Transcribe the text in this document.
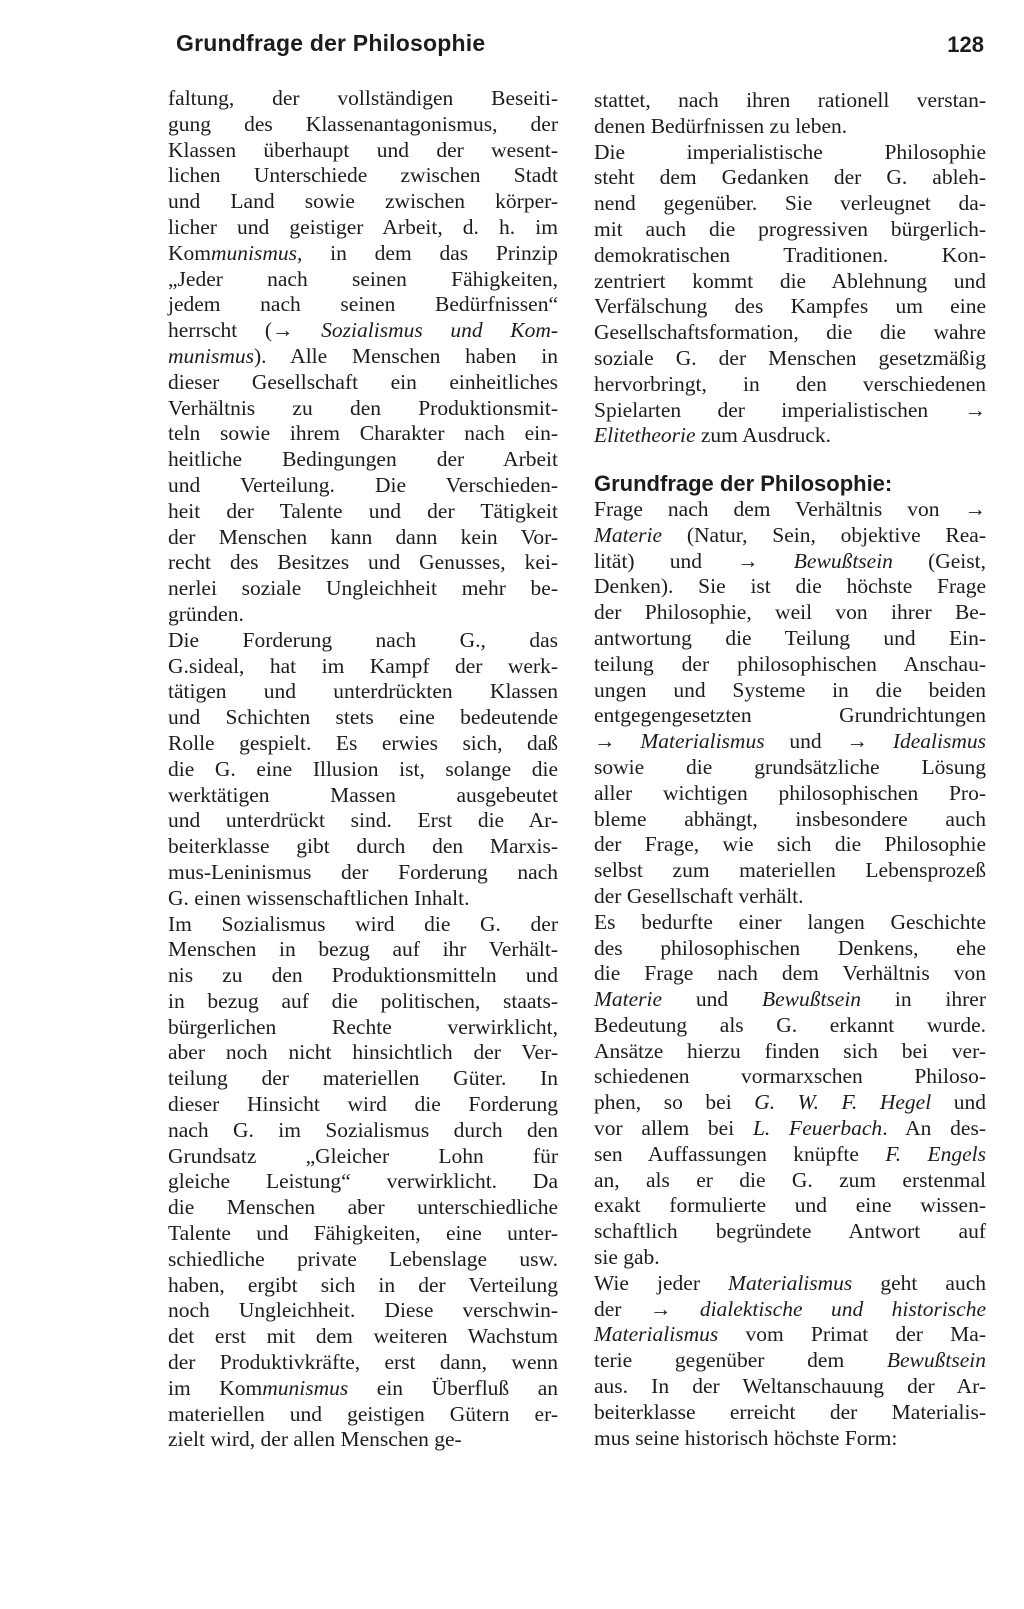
Grundfrage der Philosophie	128
faltung, der vollständigen Beseiti-
gung des Klassenantagonismus, der
Klassen überhaupt und der wesent-
lichen Unterschiede zwischen Stadt
und Land sowie zwischen körper-
licher und geistiger Arbeit, d. h. im
Kommunismus, in dem das Prinzip
„Jeder nach seinen Fähigkeiten,
jedem nach seinen Bedürfnissen“
herrscht (→ Sozialismus und Kom-
munismus). Alle Menschen haben in
dieser Gesellschaft ein einheitliches
Verhältnis zu den Produktionsmit-
teln sowie ihrem Charakter nach ein-
heitliche Bedingungen der Arbeit
und Verteilung. Die Verschieden-
heit der Talente und der Tätigkeit
der Menschen kann dann kein Vor-
recht des Besitzes und Genusses, kei-
nerlei soziale Ungleichheit mehr be-
gründen.
Die Forderung nach G., das
G.sideal, hat im Kampf der werk-
tätigen und unterdrückten Klassen
und Schichten stets eine bedeutende
Rolle gespielt. Es erwies sich, daß
die G. eine Illusion ist, solange die
werktätigen Massen ausgebeutet
und unterdrückt sind. Erst die Ar-
beiterklasse gibt durch den Marxis-
mus-Leninismus der Forderung nach
G. einen wissenschaftlichen Inhalt.
Im Sozialismus wird die G. der
Menschen in bezug auf ihr Verhält-
nis zu den Produktionsmitteln und
in bezug auf die politischen, staats-
bürgerlichen Rechte verwirklicht,
aber noch nicht hinsichtlich der Ver-
teilung der materiellen Güter. In
dieser Hinsicht wird die Forderung
nach G. im Sozialismus durch den
Grundsatz „Gleicher Lohn für
gleiche Leistung“ verwirklicht. Da
die Menschen aber unterschiedliche
Talente und Fähigkeiten, eine unter-
schiedliche private Lebenslage usw.
haben, ergibt sich in der Verteilung
noch Ungleichheit. Diese verschwin-
det erst mit dem weiteren Wachstum
der Produktivkräfte, erst dann, wenn
im Kommunismus ein Überfluß an
materiellen und geistigen Gütern er-
zielt wird, der allen Menschen ge-
stattet, nach ihren rationell verstan-
denen Bedürfnissen zu leben.
Die imperialistische Philosophie
steht dem Gedanken der G. ableh-
nend gegenüber. Sie verleugnet da-
mit auch die progressiven bürgerlich-
demokratischen Traditionen. Kon-
zentriert kommt die Ablehnung und
Verfälschung des Kampfes um eine
Gesellschaftsformation, die die wahre
soziale G. der Menschen gesetzmäßig
hervorbringt, in den verschiedenen
Spielarten der imperialistischen →
Elitetheorie zum Ausdruck.
Grundfrage der Philosophie:
Frage nach dem Verhältnis von →
Materie (Natur, Sein, objektive Rea-
lität) und → Bewußtsein (Geist,
Denken). Sie ist die höchste Frage
der Philosophie, weil von ihrer Be-
antwortung die Teilung und Ein-
teilung der philosophischen Anschau-
ungen und Systeme in die beiden
entgegengesetzten Grundrichtungen
→ Materialismus und → Idealismus
sowie die grundsätzliche Lösung
aller wichtigen philosophischen Pro-
bleme abhängt, insbesondere auch
der Frage, wie sich die Philosophie
selbst zum materiellen Lebensprozeß
der Gesellschaft verhält.
Es bedurfte einer langen Geschichte
des philosophischen Denkens, ehe
die Frage nach dem Verhältnis von
Materie und Bewußtsein in ihrer
Bedeutung als G. erkannt wurde.
Ansätze hierzu finden sich bei ver-
schiedenen vormarxschen Philoso-
phen, so bei G. W. F. Hegel und
vor allem bei L. Feuerbach. An des-
sen Auffassungen knüpfte F. Engels
an, als er die G. zum erstenmal
exakt formulierte und eine wissen-
schaftlich begründete Antwort auf
sie gab.
Wie jeder Materialismus geht auch
der → dialektische und historische
Materialismus vom Primat der Ma-
terie gegenüber dem Bewußtsein
aus. In der Weltanschauung der Ar-
beiterklasse erreicht der Materialis-
mus seine historisch höchste Form:
